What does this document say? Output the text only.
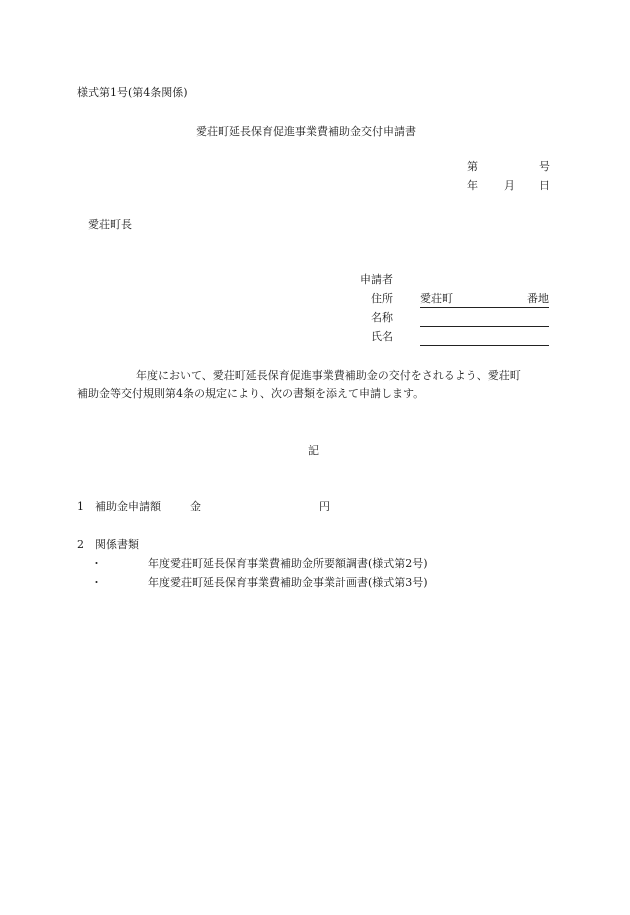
様式第1号(第4条関係)
愛荘町延長保育促進事業費補助金交付申請書
第	号
年 月 日
愛荘町長
申請者
住所 愛荘町	番地
名称
氏名
年度において、愛荘町延長保育促進事業費補助金の交付をされるよう、愛荘町
補助金等交付規則第4条の規定により、次の書類を添えて申請します。
記
1 補助金申請額	金	円
2 関係書類
・	年度愛荘町延長保育事業費補助金所要額調書(様式第2号)
・	年度愛荘町延長保育事業費補助金事業計画書(様式第3号)
